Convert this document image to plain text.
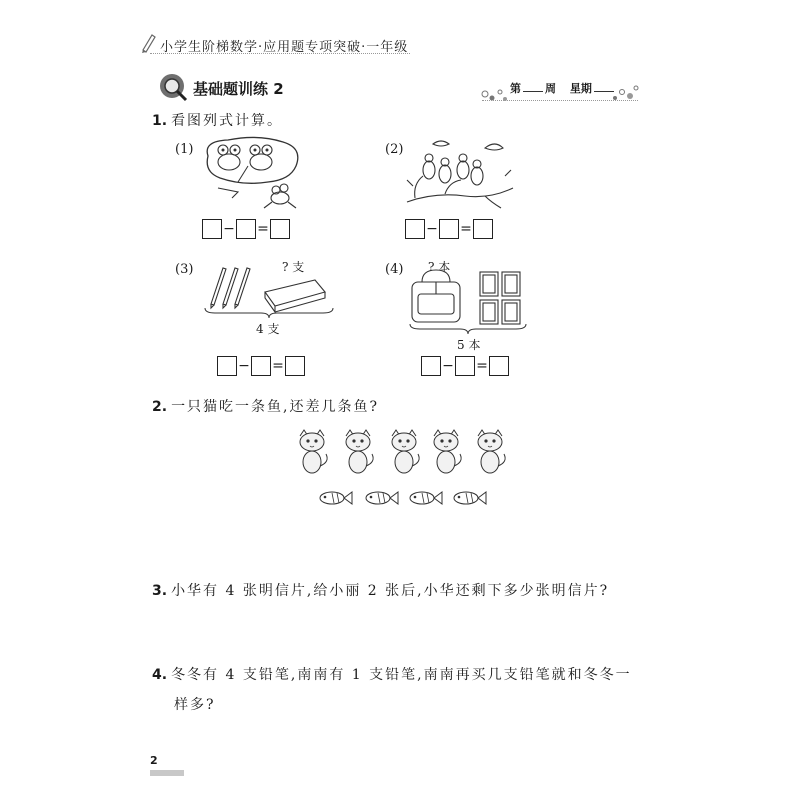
小学生阶梯数学·应用题专项突破·一年级
基础题训练 2	第 周 星期
1. 看图列式计算。
(1)
− =
(2)
− =
(3)	? 支
4 支
− =
(4) ? 本
5 本
− =
2. 一只猫吃一条鱼,还差几条鱼?
3. 小华有 4 张明信片,给小丽 2 张后,小华还剩下多少张明信片?
4. 冬冬有 4 支铅笔,南南有 1 支铅笔,南南再买几支铅笔就和冬冬一
样多?
2
